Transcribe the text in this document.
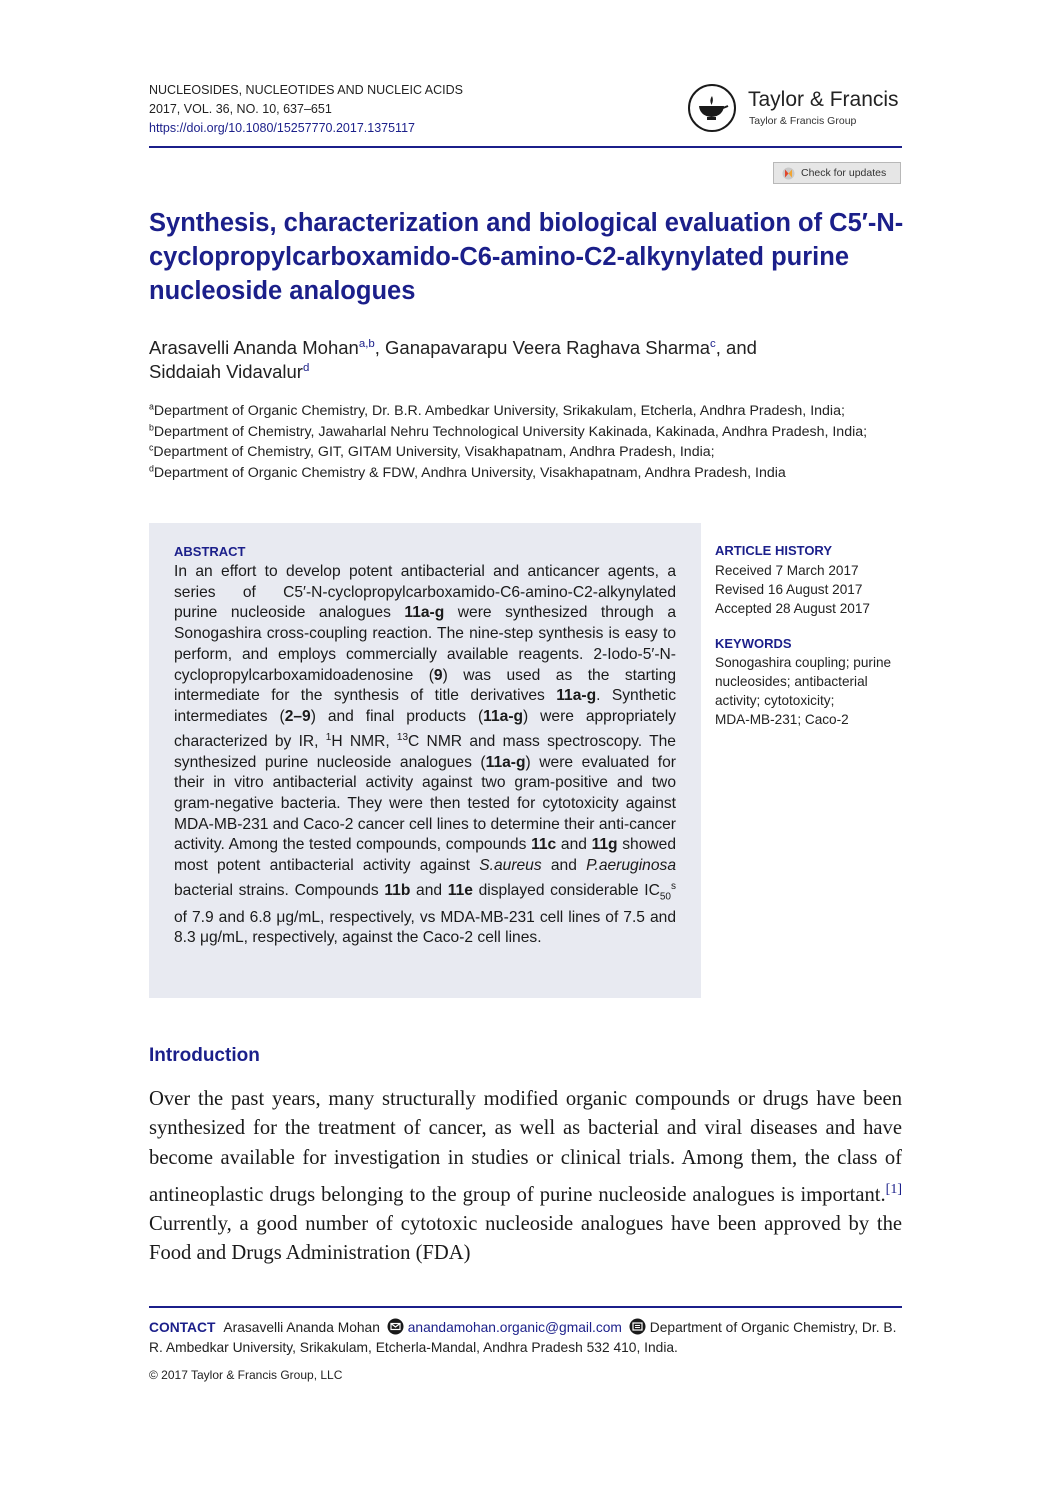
NUCLEOSIDES, NUCLEOTIDES AND NUCLEIC ACIDS
2017, VOL. 36, NO. 10, 637–651
https://doi.org/10.1080/15257770.2017.1375117
Taylor & Francis
Taylor & Francis Group
Check for updates
Synthesis, characterization and biological evaluation of C5′-N-cyclopropylcarboxamido-C6-amino-C2-alkynylated purine nucleoside analogues
Arasavelli Ananda Mohan$^{a,b}$, Ganapavarapu Veera Raghava Sharma$^c$, and
Siddaiah Vidavalur$^d$
$^a$Department of Organic Chemistry, Dr. B.R. Ambedkar University, Srikakulam, Etcherla, Andhra Pradesh, India; $^b$Department of Chemistry, Jawaharlal Nehru Technological University Kakinada, Kakinada, Andhra Pradesh, India; $^c$Department of Chemistry, GIT, GITAM University, Visakhapatnam, Andhra Pradesh, India;
$^d$Department of Organic Chemistry & FDW, Andhra University, Visakhapatnam, Andhra Pradesh, India
ABSTRACT

In an effort to develop potent antibacterial and anticancer agents, a series of C5′-N-cyclopropylcarboxamido-C6-amino-C2-alkynylated purine nucleoside analogues 11a-g were synthesized through a Sonogashira cross-coupling reaction. The nine-step synthesis is easy to perform, and employs commercially available reagents. 2-Iodo-5′-N-cyclopropylcarboxamidoadenosine (9) was used as the starting intermediate for the synthesis of title derivatives 11a-g. Synthetic intermediates (2–9) and final products (11a-g) were appropriately characterized by IR, $^1$H NMR, $^{13}$C NMR and mass spectroscopy. The synthesized purine nucleoside analogues (11a-g) were evaluated for their in vitro antibacterial activity against two gram-positive and two gram-negative bacteria. They were then tested for cytotoxicity against MDA-MB-231 and Caco-2 cancer cell lines to determine their anti-cancer activity. Among the tested compounds, compounds 11c and 11g showed most potent antibacterial activity against S.aureus and P.aeruginosa bacterial strains. Compounds 11b and 11e displayed considerable $IC_{50}^s$ of 7.9 and 6.8 μg/mL, respectively, vs MDA-MB-231 cell lines of 7.5 and 8.3 μg/mL, respectively, against the Caco-2 cell lines.

ARTICLE HISTORY
Received 7 March 2017
Revised 16 August 2017
Accepted 28 August 2017
KEYWORDS
Sonogashira coupling; purine
nucleosides; antibacterial
activity; cytotoxicity;
MDA-MB-231; Caco-2
Introduction

Over the past years, many structurally modified organic compounds or drugs have been synthesized for the treatment of cancer, as well as bacterial and viral diseases and have become available for investigation in studies or clinical trials. Among them, the class of antineoplastic drugs belonging to the group of purine nucleoside analogues is important.[1] Currently, a good number of cytotoxic nucleoside analogues have been approved by the Food and Drugs Administration (FDA)

CONTACT Arasavelli Ananda Mohan anandamohan.organic@gmail.com Department of Organic Chemistry, Dr. B. R. Ambedkar University, Srikakulam, Etcherla-Mandal, Andhra Pradesh 532 410, India.
© 2017 Taylor & Francis Group, LLC
